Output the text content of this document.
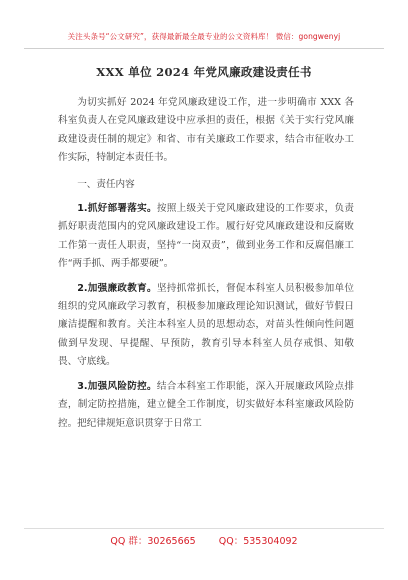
关注头条号“公文研究”，获得最新最全最专业的公文资料库！ 微信：gongwenyj
XXX 单位 2024 年党风廉政建设责任书

为切实抓好 2024 年党风廉政建设工作，进一步明确市 XXX 各科室负责人在党风廉政建设中应承担的责任，根据《关于实行党风廉政建设责任制的规定》和省、市有关廉政工作要求，结合市征收办工作实际，特制定本责任书。

一、责任内容

1.抓好部署落实。按照上级关于党风廉政建设的工作要求，负责抓好职责范围内的党风廉政建设工作。履行好党风廉政建设和反腐败工作第一责任人职责，坚持“一岗双责”，做到业务工作和反腐倡廉工作“两手抓、两手都要硬”。

2.加强廉政教育。坚持抓常抓长，督促本科室人员积极参加单位组织的党风廉政学习教育，积极参加廉政理论知识测试，做好节假日廉洁提醒和教育。关注本科室人员的思想动态，对苗头性倾向性问题做到早发现、早提醒、早预防，教育引导本科室人员存戒惧、知敬畏、守底线。

3.加强风险防控。结合本科室工作职能，深入开展廉政风险点排查，制定防控措施，建立健全工作制度，切实做好本科室廉政风险防控。把纪律规矩意识贯穿于日常工

QQ 群：30265665 QQ：535304092
